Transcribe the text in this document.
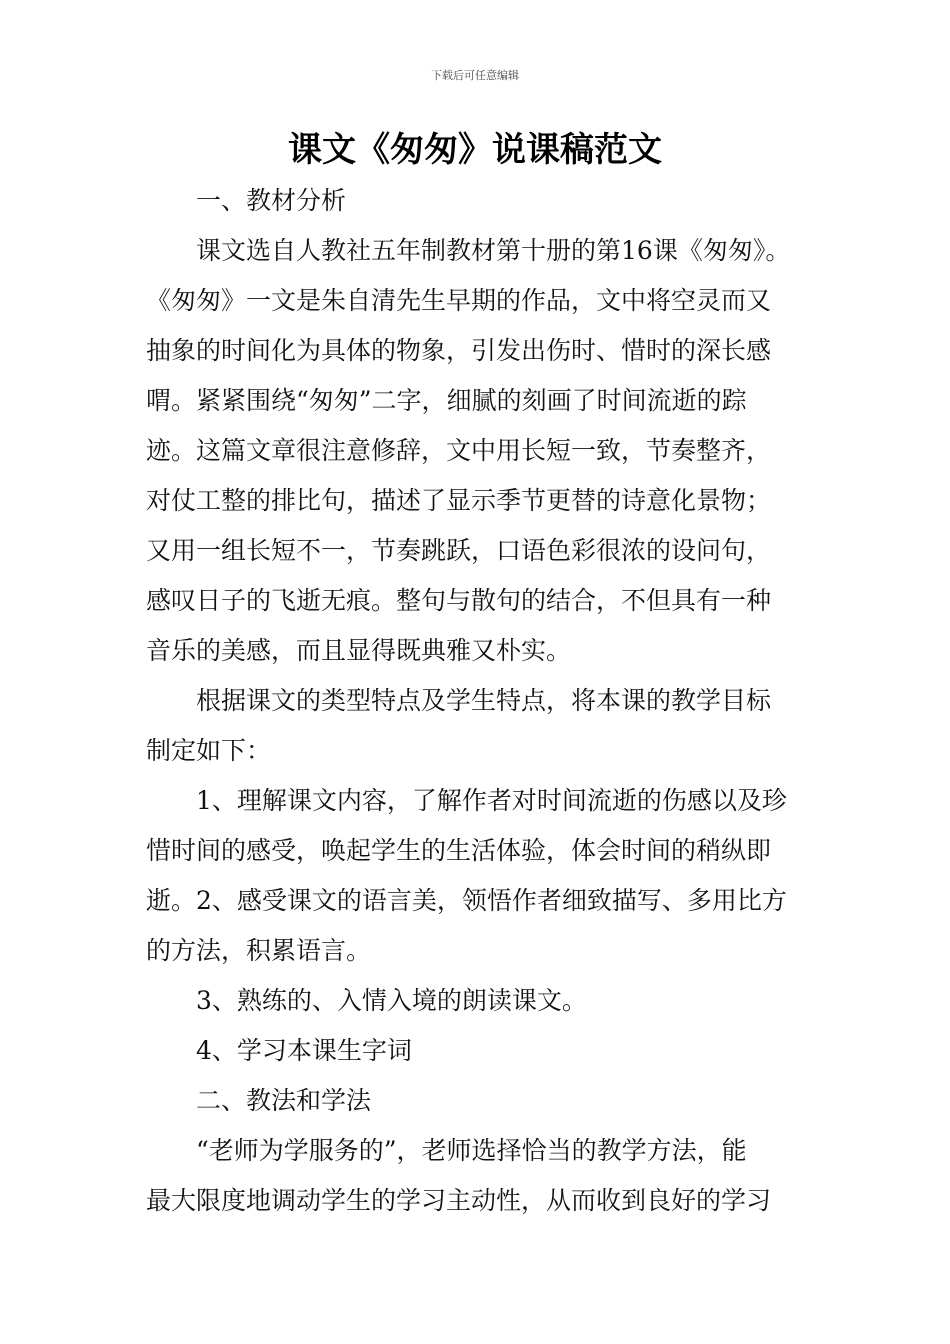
下载后可任意编辑
课文《匆匆》说课稿范文

一、教材分析

课文选自人教社五年制教材第十册的第16课《匆匆》。

《匆匆》一文是朱自清先生早期的作品，文中将空灵而又

抽象的时间化为具体的物象，引发出伤时、惜时的深长感

喟。紧紧围绕“匆匆”二字，细腻的刻画了时间流逝的踪

迹。这篇文章很注意修辞，文中用长短一致，节奏整齐，

对仗工整的排比句，描述了显示季节更替的诗意化景物；

又用一组长短不一，节奏跳跃，口语色彩很浓的设问句，

感叹日子的飞逝无痕。整句与散句的结合，不但具有一种

音乐的美感，而且显得既典雅又朴实。

根据课文的类型特点及学生特点，将本课的教学目标

制定如下：

1、理解课文内容，了解作者对时间流逝的伤感以及珍

惜时间的感受，唤起学生的生活体验，体会时间的稍纵即

逝。2、感受课文的语言美，领悟作者细致描写、多用比方

的方法，积累语言。

3、熟练的、入情入境的朗读课文。

4、学习本课生字词

二、教法和学法

“老师为学服务的”，老师选择恰当的教学方法，能

最大限度地调动学生的学习主动性，从而收到良好的学习
